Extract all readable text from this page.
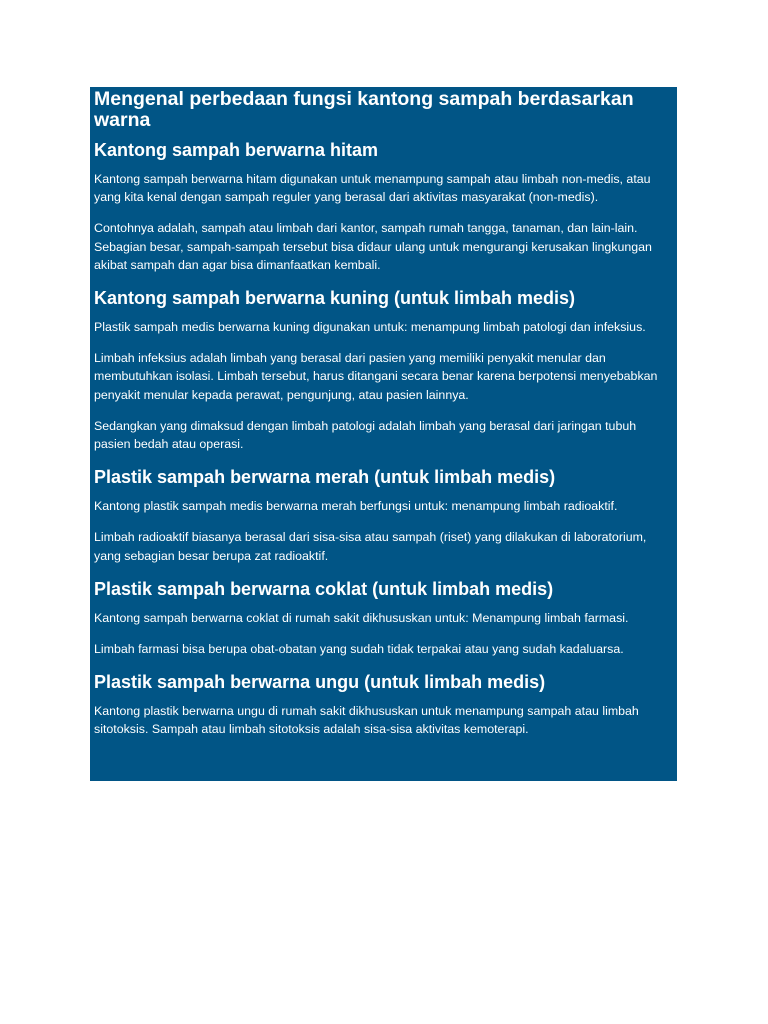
Mengenal perbedaan fungsi kantong sampah berdasarkan warna
Kantong sampah berwarna hitam

Kantong sampah berwarna hitam digunakan untuk menampung sampah atau limbah non-medis, atau yang kita kenal dengan sampah reguler yang berasal dari aktivitas masyarakat (non-medis).

Contohnya adalah, sampah atau limbah dari kantor, sampah rumah tangga, tanaman, dan lain-lain. Sebagian besar, sampah-sampah tersebut bisa didaur ulang untuk mengurangi kerusakan lingkungan akibat sampah dan agar bisa dimanfaatkan kembali.

Kantong sampah berwarna kuning (untuk limbah medis)

Plastik sampah medis berwarna kuning digunakan untuk: menampung limbah patologi dan infeksius.

Limbah infeksius adalah limbah yang berasal dari pasien yang memiliki penyakit menular dan membutuhkan isolasi. Limbah tersebut, harus ditangani secara benar karena berpotensi menyebabkan penyakit menular kepada perawat, pengunjung, atau pasien lainnya.

Sedangkan yang dimaksud dengan limbah patologi adalah limbah yang berasal dari jaringan tubuh pasien bedah atau operasi.

Plastik sampah berwarna merah (untuk limbah medis)

Kantong plastik sampah medis berwarna merah berfungsi untuk: menampung limbah radioaktif.

Limbah radioaktif biasanya berasal dari sisa-sisa atau sampah (riset) yang dilakukan di laboratorium, yang sebagian besar berupa zat radioaktif.

Plastik sampah berwarna coklat (untuk limbah medis)

Kantong sampah berwarna coklat di rumah sakit dikhususkan untuk: Menampung limbah farmasi.

Limbah farmasi bisa berupa obat-obatan yang sudah tidak terpakai atau yang sudah kadaluarsa.

Plastik sampah berwarna ungu (untuk limbah medis)

Kantong plastik berwarna ungu di rumah sakit dikhususkan untuk menampung sampah atau limbah sitotoksis. Sampah atau limbah sitotoksis adalah sisa-sisa aktivitas kemoterapi.
